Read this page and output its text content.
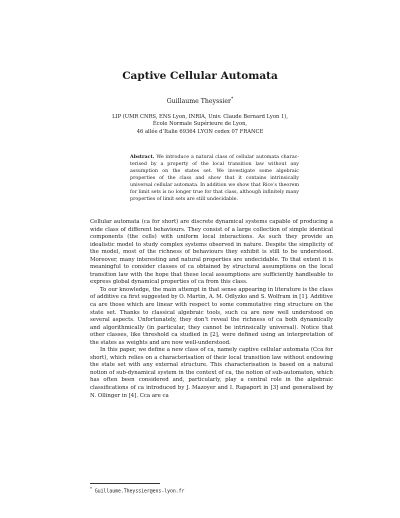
Captive Cellular Automata
Guillaume Theyssier*
LIP (UMR CNRS, ENS Lyon, INRIA, Univ. Claude Bernard Lyon 1),
École Normale Supérieure de Lyon,
46 allée d’Italie 69364 LYON cedex 07 FRANCE
Abstract. We introduce a natural class of cellular automata charac-terised by a property of the local transition law without any assumption on the states set. We investigate some algebraic properties of the class and show that it contains intrinsically universal cellular automata. In addition we show that Rice’s theorem for limit sets is no longer true for that class, although infinitely many properties of limit sets are still undecidable.

Cellular automata (ca for short) are discrete dynamical systems capable of producing a wide class of different behaviours. They consist of a large collection of simple identical components (the cells) with uniform local interactions. As such they provide an idealistic model to study complex systems observed in nature. Despite the simplicity of the model, most of the richness of behaviours they exhibit is still to be understood. Moreover, many interesting and natural properties are undecidable. To that extent it is meaningful to consider classes of ca obtained by structural assumptions on the local transition law with the hope that these local assumptions are sufficiently handleable to express global dynamical properties of ca from this class.

To our knowledge, the main attempt in that sense appearing in literature is the class of additive ca first suggested by O. Martin, A. M. Odlyzko and S. Wolfram in [1]. Additive ca are those which are linear with respect to some commutative ring structure on the state set. Thanks to classical algebraic tools, such ca are now well understood on several aspects. Unfortunately, they don’t reveal the richness of ca both dynamically and algorithmically (in particular, they cannot be intrinsically universal). Notice that other classes, like threshold ca studied in [2], were defined using an interpretation of the states as weights and are now well-understood.

In this paper, we define a new class of ca, namely captive cellular automata (Cca for short), which relies on a characterisation of their local transition law without endowing the state set with any external structure. This characterisation is based on a natural notion of sub-dynamical system in the context of ca, the notion of sub-automaton, which has often been considered and, particularly, play a central role in the algebraic classifications of ca introduced by J. Mazoyer and I. Rapaport in [3] and generalised by N. Ollinger in [4]. Cca are ca

* Guillaume.Theyssier@ens-lyon.fr
